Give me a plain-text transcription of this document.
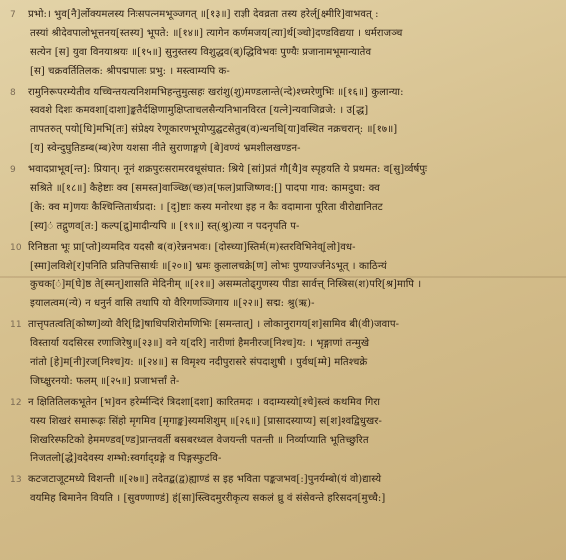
7 प्रभो:। भुव[नै]र्लोक्यमलस्य निःसपत्नमभूञ्जगत् ॥[१३॥] राज्ञी देवव्रता तस्य हरेर्ल्[क्ष्मीरि]वाभवत् :
तस्यां श्रीदेवपालोभूत्तनय[स्तस्य] भूपते: ॥[१४॥] त्यागेन कर्णमजय[त्या]र्थ[ञ्चो]दण्डविद्यया । धर्मराजञ्च
सत्येन [स] युवा विनयाश्रयः ॥[१५॥] सुनुस्तस्य विशुद्धव(ब्)द्धिविभवः पुण्यैः प्रजानामभूमान्यातेव
[स] चक्रवर्तितिलक: श्रीपद्मपालः प्रभु: । मस्त्वाम्यपि क-
8 रामुनिरूपरम्येतीव यच्चिन्तयत्यनिशमभिहन्तुमुत्सहः खरांशु(शु)मण्डलान्ते(न्दे)श्च्मरेणुभिः ॥[१६॥] कुलान्या:
स्ववशे दिशः कमवशा[दाशा]ङ्कतैर्दक्षिणामुक्षिप्ताचलसैन्यनिभानविरत [यत्ने]न्यवाजिव्रजे: । उ[द्ध]
तापतरुत् पयो[धि]मभि[तः] संप्रेक्ष्य रेणूकारणभूयोप्युद्घटसेतुब(व)न्धनधि[या]वस्थित नक्रचरान्: ॥[१७॥]
[य] स्वेन्दुघुतिडम्ब(म्ब)रेण यशसा नीते सुराणाङ्गणे [बे]वण्यं भ्रमशीलखण्डन-
9 भवादप्राभूव[न्त]: प्रियान्। नूनं शक्रपुरःसरामरवधूसंघात: श्रिये [सां]प्रतं गौ[यै]व स्पृहयति ये प्रथमत: व[सु]र्व्वर्षपुः
सश्रिते ॥[१८॥] कैहेष्टाः क्व [समस्त]वाञ्च्छि(च्छ)त[फल]प्राजिष्णव:[] पादपा गाव: कामदुघा: क्व
[के: क्व म]णयः कैश्चिन्तितार्थप्रदा: । [द्]ष्टाः कस्य मनोरथा इह न कैः वदामाना पूरिता वीरोद्यानितट
[स्य]ं तद्गुणव[त:] कल्प[द्रु]मादीन्यपि ॥ [१९॥] स्त्(श्रु)त्या न पदनृपति प-
10 रिनिष्ठता भूः प्रा[प्तो]व्यमदिव यदसौ ब(व)रेन्ननभवः। [दोस्च्या]स्तिर्म(म)स्तरविभिनेव्[लो]वध-
[स्मा]लविशे[र]पनिति प्रतिपत्तिसार्थः ॥[२०॥] भ्रमः कुलालचक्रे[ण] लोभः पुण्यार्ज्जनेऽभूत् । काठिन्यं
कुचक[ं]म[घे]ष्ठ ते[स्मन्]शासति मेदिनीम् ॥[२१॥] असम्मतोढ्गुणस्य पीडा सार्वत्त् निस्त्रिस(श)परि[श्र]मापि ।
इयालत्वम(न्ये) न धनुर्न वासि तथापि यो वैरिगणञ्जिगाय ॥[२२॥] सद्म: श्रु(ऋ)-
11 तात्तृपतत्वति[कोष्ण]व्यो वैरि[द्रि]षाधिपशिरोमणिभिः [समन्तात्] । लोकानुरागय[श]सामिव बी(वी)जवाप-
विस्तार्या यदसिरस रणाजिरेषु॥[२३॥] वने य[दरि] नारीणां हैमनीरज[निश्च]य: । भृङ्गाणां तन्मुखे
नांतो [हे]म[नी]रज[निश्च]य: ॥[२४॥] स विमृश्य नदीपुरासरे संपदाशुषी । पुर्वध[म्मे] मतिश्चक्रे
जिघ्क्षुरनयो: फलम् ॥[२५॥] प्रजाभर्त्तां ते-
12 न क्षितितिलकभूतेन [भ]वन हरेर्म्मन्दिरं त्रिदशा[दशा] कारितमदः । वदाम्यस्यो[श्चे]स्त्वं कथमिव गिरा
यस्य शिखरं समारूढ़ः सिंहो मृगमिव [मृगाङ्क]स्यमशिशुम् ॥[२६॥] [प्रासादस्याप्य] स[श]श्वद्विधुखर-
शिखरिस्फटिको हेममण्डव[ण्ड]प्रान्तवर्ती बसबरध्वल वेजयन्ती पतन्ती ॥ निर्व्याप्याति भूतिच्छुरित
निजतलो[द्धे]वदेवस्य शम्भो:स्वर्गाद्ग्रङ्गे व पिङ्गस्फुटवि-
13 कटजटाजूटमध्ये विशन्ती ॥[२७॥] तदेतद्ब(द्व)ह्याण्डं स इह भविता पङ्कजभव[:]पुनर्यम्बो(यं वो)द्यास्ये
वयमिह बिमानेन वियति । [सुवण्णाण्डं] हं[सा]स्त्विदमुररीकृत्य सकलं ध्रु वं संसेवन्ते हरिसदन[मुच्चै:]
